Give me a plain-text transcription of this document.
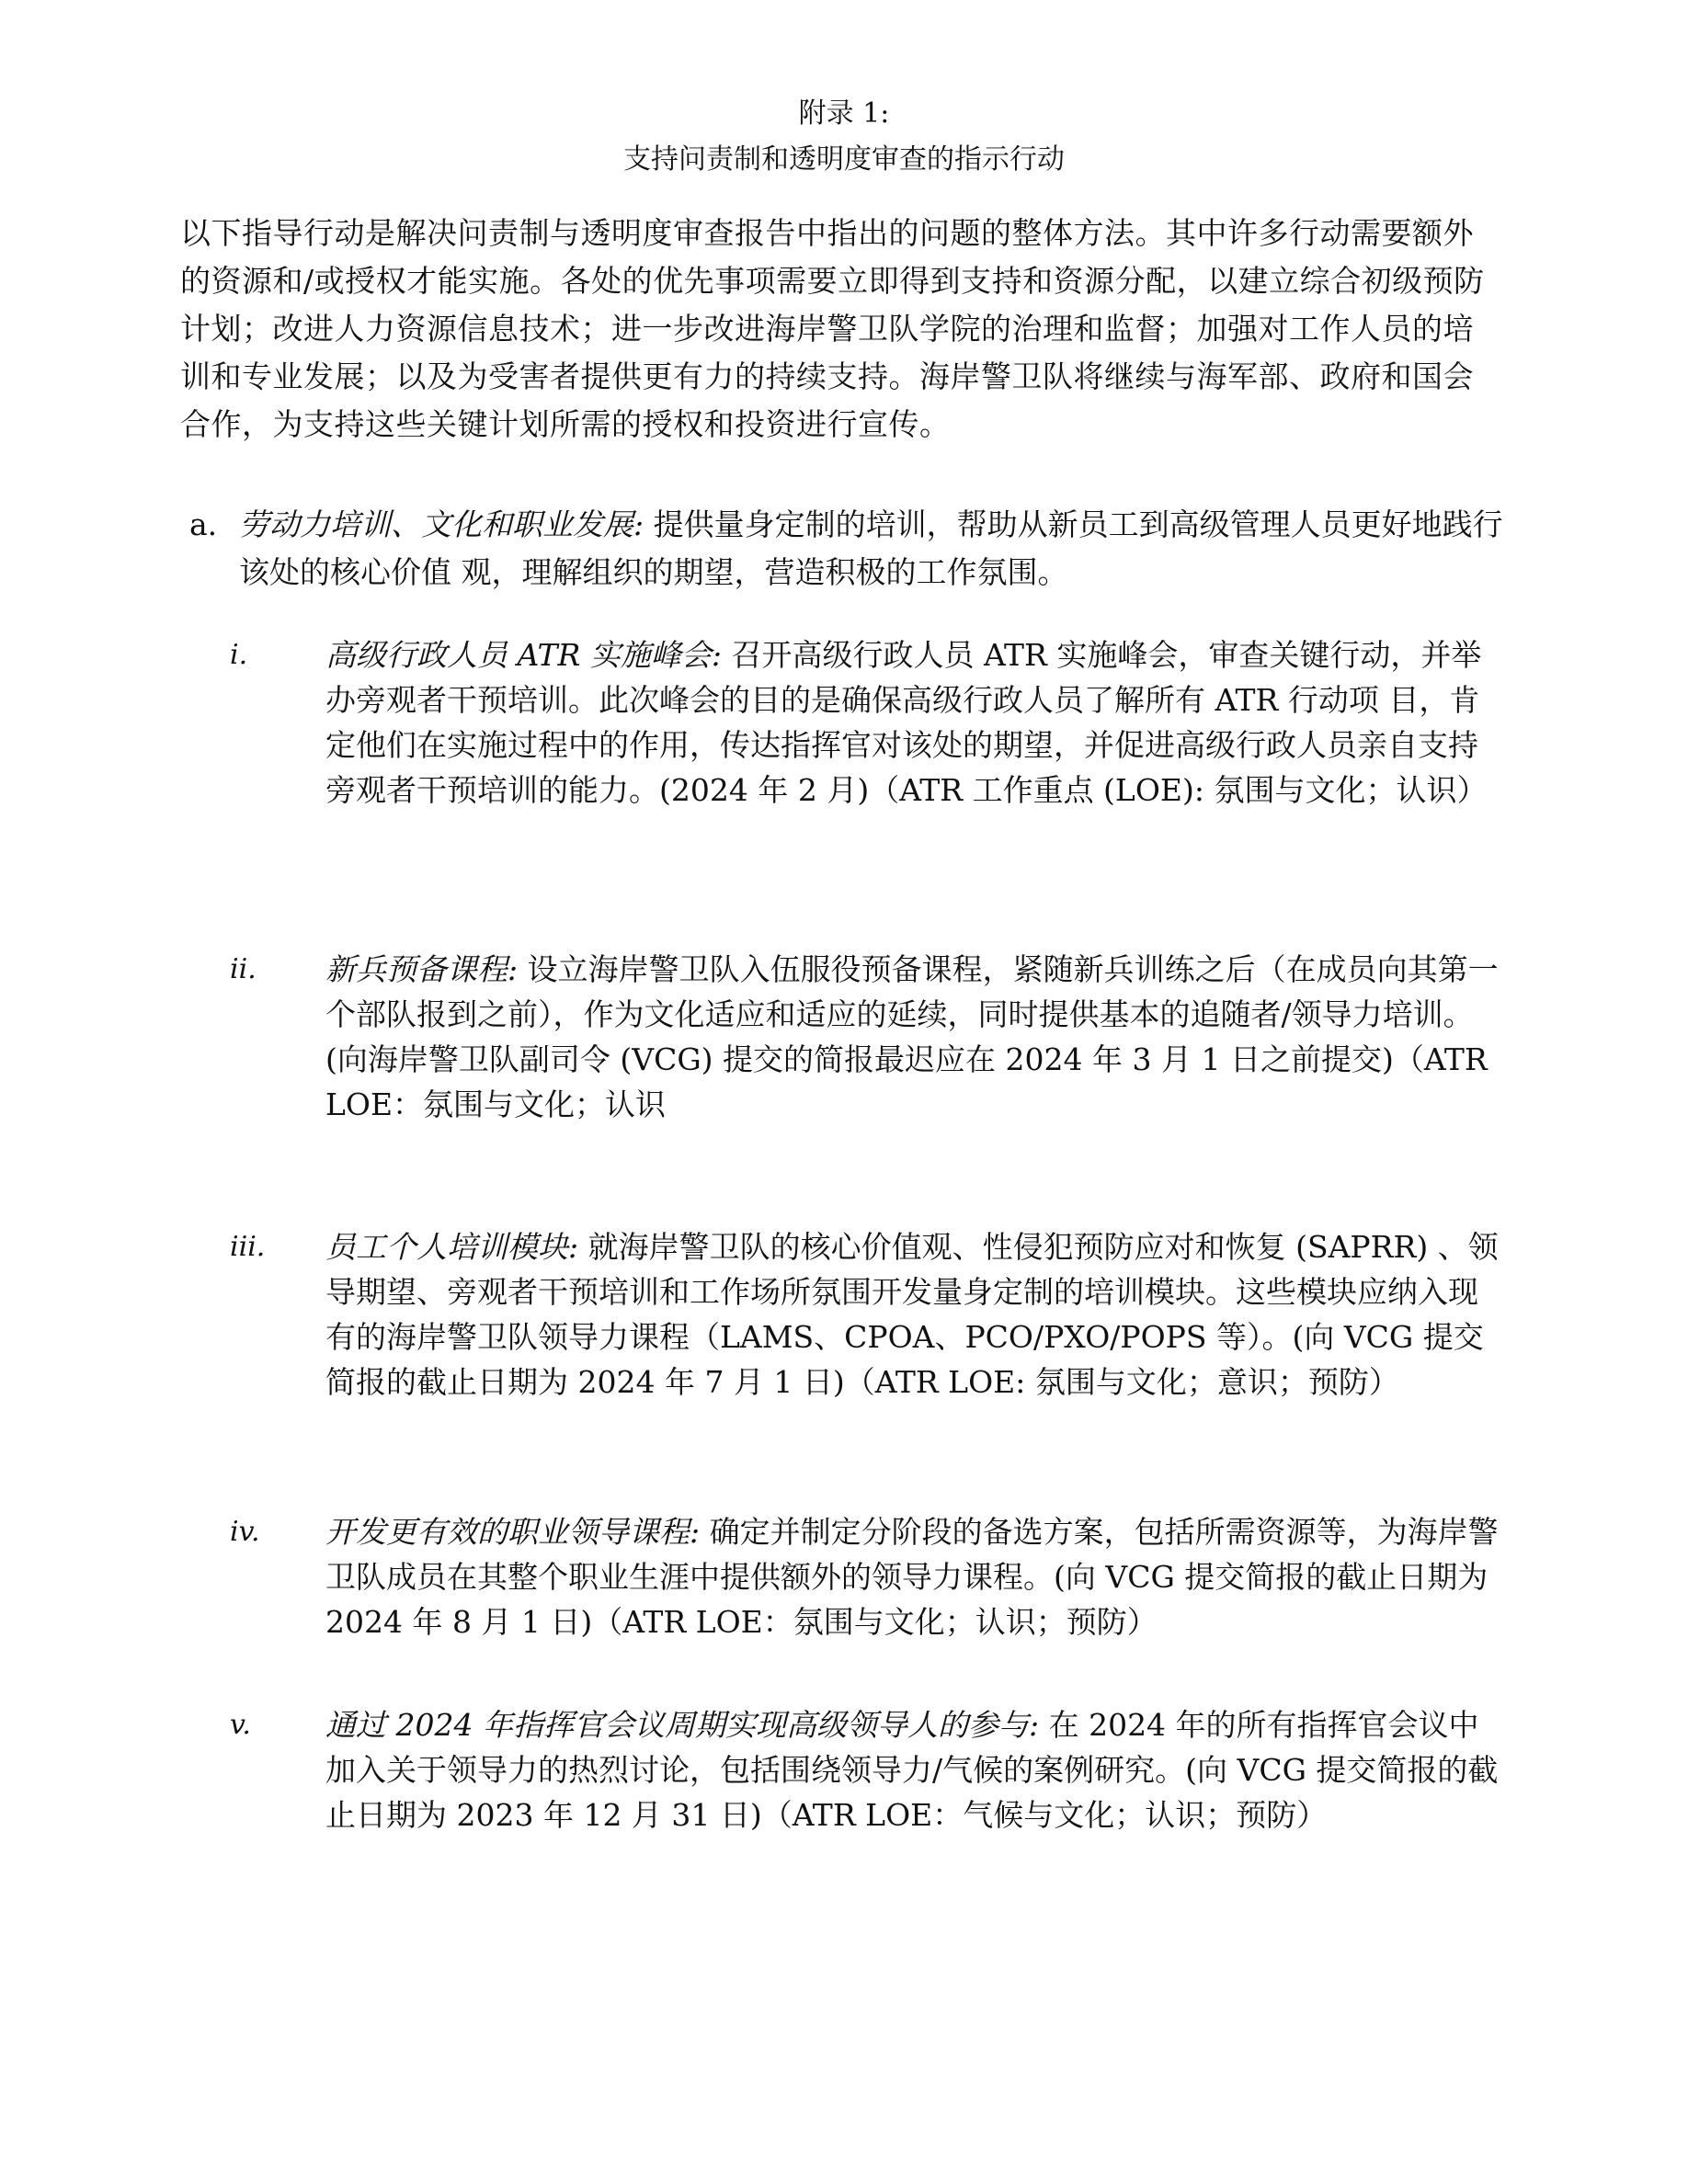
附录 1:
支持问责制和透明度审查的指示行动
以下指导行动是解决问责制与透明度审查报告中指出的问题的整体方法。其中许多行动需要额外的资源和/或授权才能实施。各处的优先事项需要立即得到支持和资源分配，以建立综合初级预防计划；改进人力资源信息技术；进一步改进海岸警卫队学院的治理和监督；加强对工作人员的培训和专业发展；以及为受害者提供更有力的持续支持。海岸警卫队将继续与海军部、政府和国会合作，为支持这些关键计划所需的授权和投资进行宣传。
a. 劳动力培训、文化和职业发展: 提供量身定制的培训，帮助从新员工到高级管理人员更好地践行该处的核心价值 观，理解组织的期望，营造积极的工作氛围。
i.	高级行政人员 ATR 实施峰会: 召开高级行政人员 ATR 实施峰会，审查关键行动，并举办旁观者干预培训。此次峰会的目的是确保高级行政人员了解所有 ATR 行动项 目，肯定他们在实施过程中的作用，传达指挥官对该处的期望，并促进高级行政人员亲自支持旁观者干预培训的能力。(2024 年 2 月)（ATR 工作重点 (LOE): 氛围与文化；认识）
ii.	新兵预备课程: 设立海岸警卫队入伍服役预备课程，紧随新兵训练之后（在成员向其第一个部队报到之前），作为文化适应和适应的延续，同时提供基本的追随者/领导力培训。(向海岸警卫队副司令 (VCG) 提交的简报最迟应在 2024 年 3 月 1 日之前提交)（ATR LOE：氛围与文化；认识
iii.	员工个人培训模块: 就海岸警卫队的核心价值观、性侵犯预防应对和恢复 (SAPRR) 、领导期望、旁观者干预培训和工作场所氛围开发量身定制的培训模块。这些模块应纳入现有的海岸警卫队领导力课程（LAMS、CPOA、PCO/PXO/POPS 等）。(向 VCG 提交简报的截止日期为 2024 年 7 月 1 日)（ATR LOE: 氛围与文化；意识；预防）
iv.	开发更有效的职业领导课程: 确定并制定分阶段的备选方案，包括所需资源等，为海岸警卫队成员在其整个职业生涯中提供额外的领导力课程。(向 VCG 提交简报的截止日期为 2024 年 8 月 1 日)（ATR LOE：氛围与文化；认识；预防）
v.	通过 2024 年指挥官会议周期实现高级领导人的参与: 在 2024 年的所有指挥官会议中加入关于领导力的热烈讨论，包括围绕领导力/气候的案例研究。(向 VCG 提交简报的截止日期为 2023 年 12 月 31 日)（ATR LOE：气候与文化；认识；预防）
